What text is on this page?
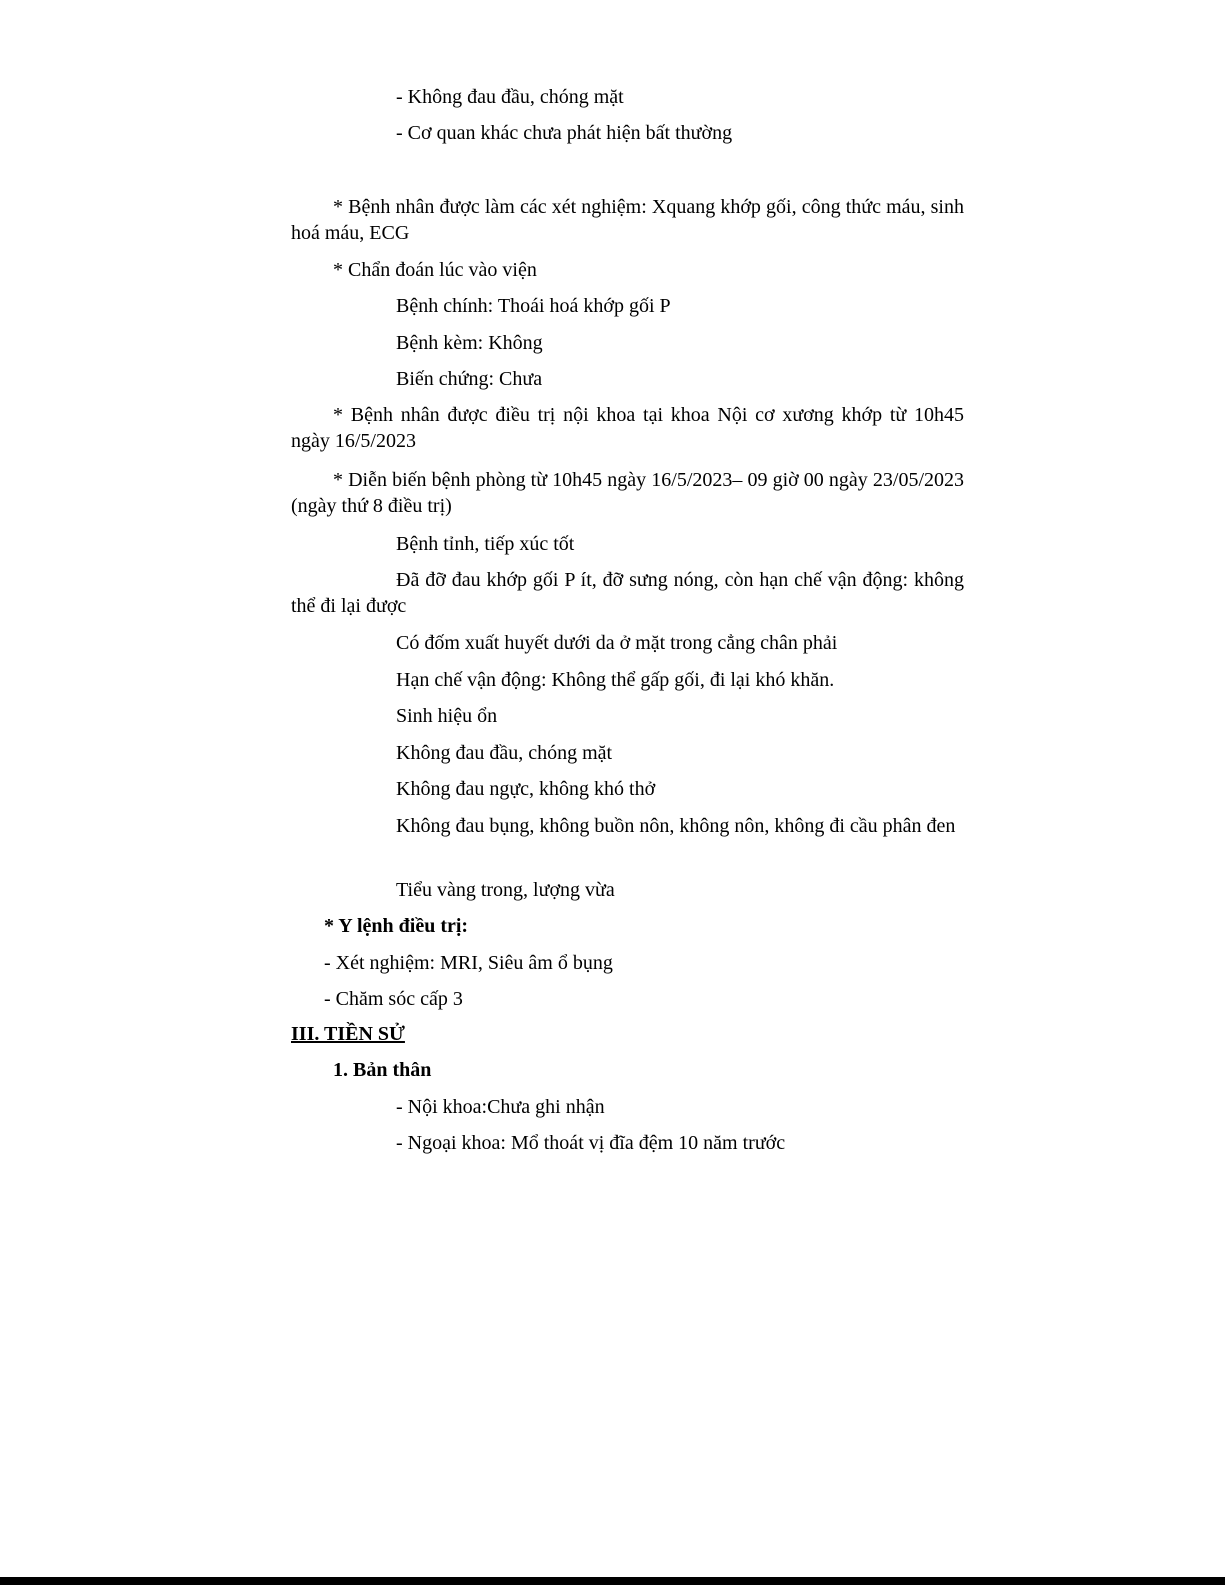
- Không đau đầu, chóng mặt
- Cơ quan khác chưa phát hiện bất thường
* Bệnh nhân được làm các xét nghiệm: Xquang khớp gối, công thức máu, sinh hoá máu, ECG
* Chẩn đoán lúc vào viện
Bệnh chính: Thoái hoá khớp gối P
Bệnh kèm: Không
Biến chứng: Chưa
* Bệnh nhân được điều trị nội khoa tại khoa Nội cơ xương khớp từ 10h45 ngày 16/5/2023
* Diễn biến bệnh phòng từ 10h45 ngày 16/5/2023– 09 giờ 00 ngày 23/05/2023 (ngày thứ 8 điều trị)
Bệnh tỉnh, tiếp xúc tốt
Đã đỡ đau khớp gối P ít, đỡ sưng nóng, còn hạn chế vận động: không thể đi lại được
Có đốm xuất huyết dưới da ở mặt trong cẳng chân phải
Hạn chế vận động: Không thể gấp gối, đi lại khó khăn.
Sinh hiệu ổn
Không đau đầu, chóng mặt
Không đau ngực, không khó thở
Không đau bụng, không buồn nôn, không nôn, không đi cầu phân đen
Tiểu vàng trong, lượng vừa
* Y lệnh điều trị:
- Xét nghiệm: MRI, Siêu âm ổ bụng
- Chăm sóc cấp 3
III. TIỀN SỬ
1. Bản thân
- Nội khoa:Chưa ghi nhận
- Ngoại khoa: Mổ thoát vị đĩa đệm 10 năm trước
